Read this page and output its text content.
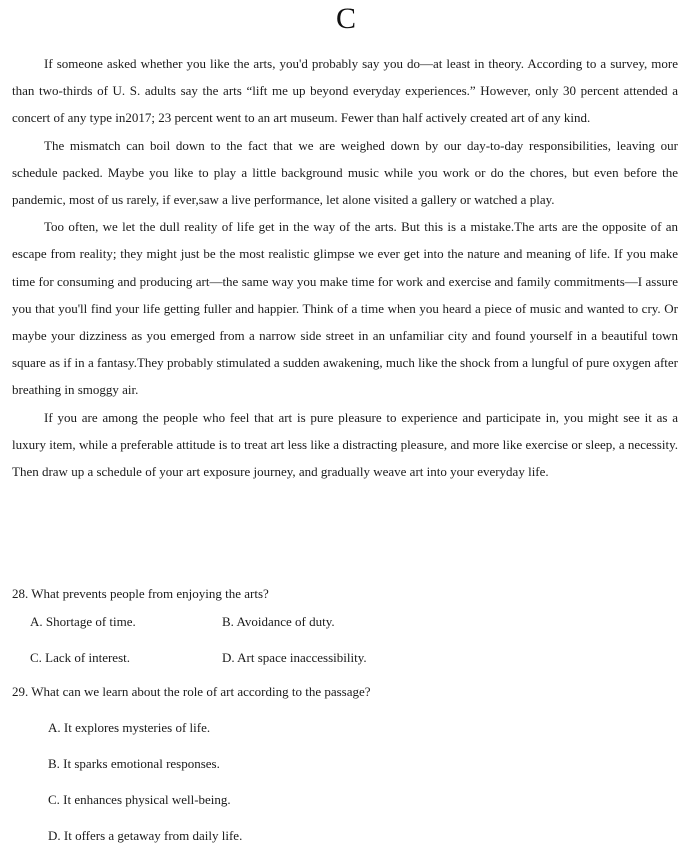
C

If someone asked whether you like the arts, you'd probably say you do—at least in theory. According to a survey, more than two-thirds of U. S. adults say the arts “lift me up beyond everyday experiences.” However, only 30 percent attended a concert of any type in2017; 23 percent went to an art museum. Fewer than half actively created art of any kind.

The mismatch can boil down to the fact that we are weighed down by our day-to-day responsibilities, leaving our schedule packed. Maybe you like to play a little background music while you work or do the chores, but even before the pandemic, most of us rarely, if ever,saw a live performance, let alone visited a gallery or watched a play.

Too often, we let the dull reality of life get in the way of the arts. But this is a mistake.The arts are the opposite of an escape from reality; they might just be the most realistic glimpse we ever get into the nature and meaning of life. If you make time for consuming and producing art—the same way you make time for work and exercise and family commitments—I assure you that you'll find your life getting fuller and happier. Think of a time when you heard a piece of music and wanted to cry. Or maybe your dizziness as you emerged from a narrow side street in an unfamiliar city and found yourself in a beautiful town square as if in a fantasy.They probably stimulated a sudden awakening, much like the shock from a lungful of pure oxygen after breathing in smoggy air.

If you are among the people who feel that art is pure pleasure to experience and participate in, you might see it as a luxury item, while a preferable attitude is to treat art less like a distracting pleasure, and more like exercise or sleep, a necessity. Then draw up a schedule of your art exposure journey, and gradually weave art into your everyday life.

28. What prevents people from enjoying the arts?
A. Shortage of time.	B. Avoidance of duty.
C. Lack of interest.	D. Art space inaccessibility.
29. What can we learn about the role of art according to the passage?
A. It explores mysteries of life.
B. It sparks emotional responses.
C. It enhances physical well-being.
D. It offers a getaway from daily life.
